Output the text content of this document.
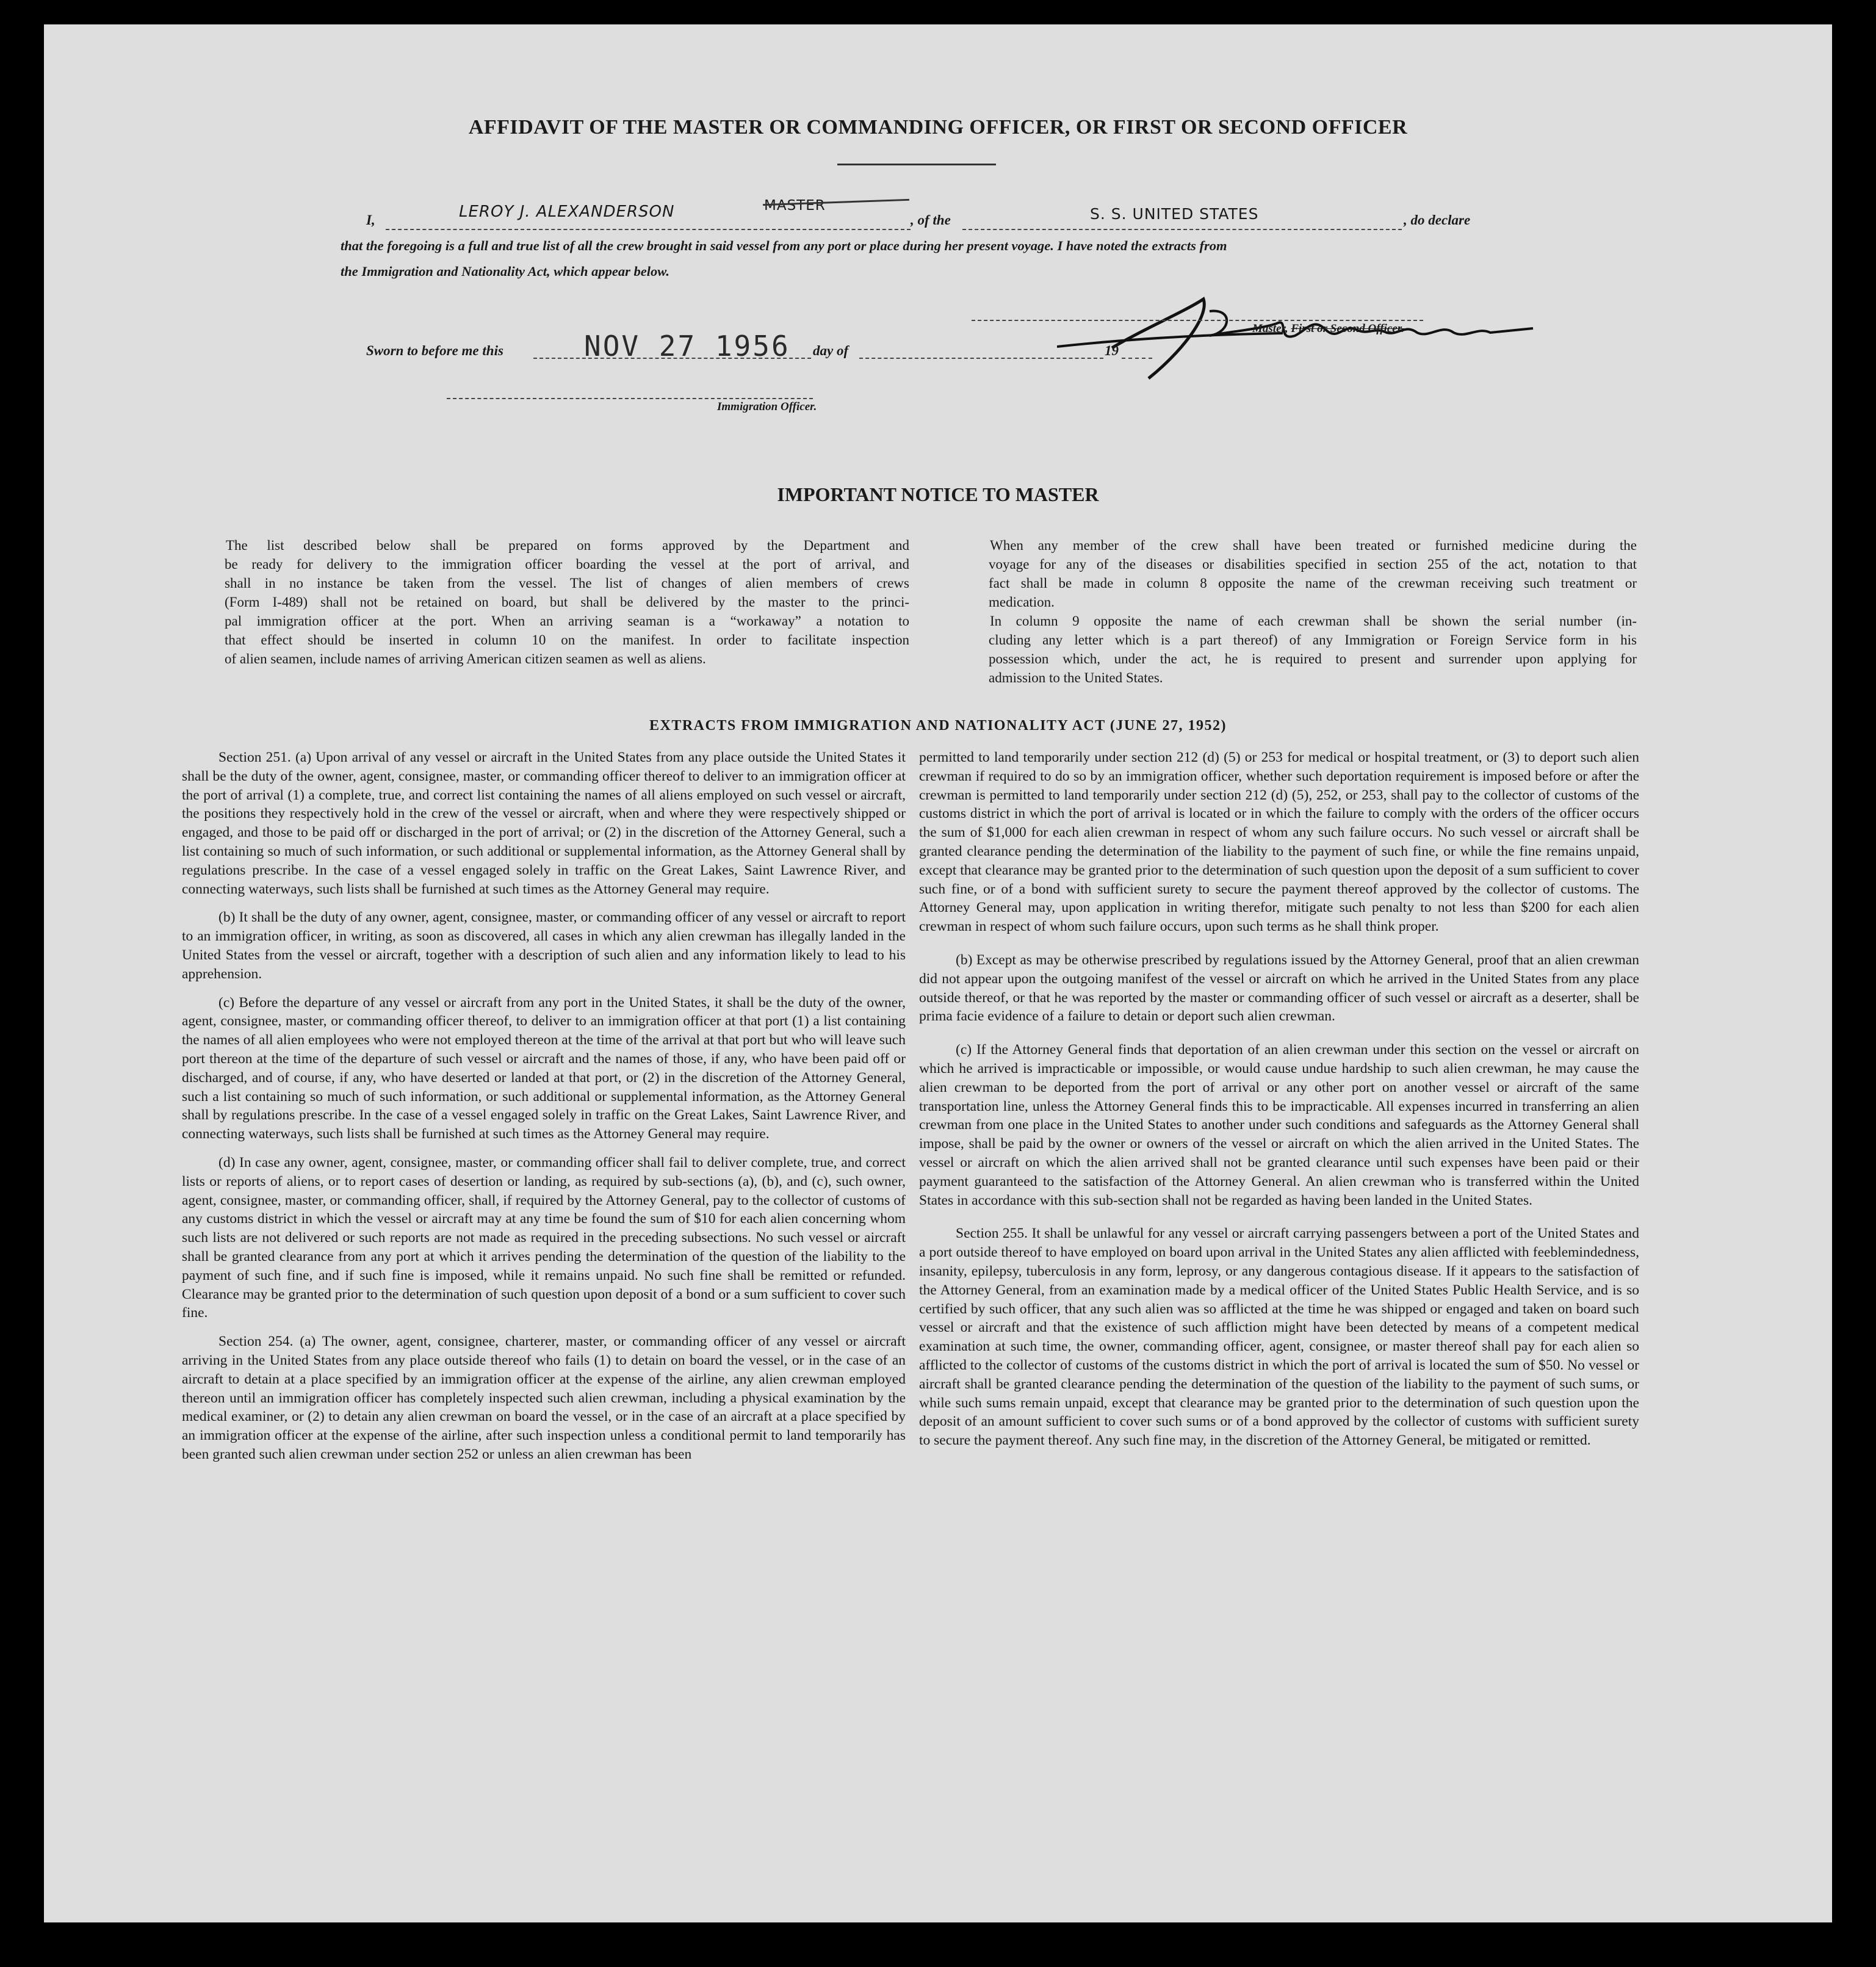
AFFIDAVIT OF THE MASTER OR COMMANDING OFFICER, OR FIRST OR SECOND OFFICER
I,	LEROY J. ALEXANDERSON	MASTER
, of the	S. S. UNITED STATES	, do declare
that the foregoing is a full and true list of all the crew brought in said vessel from any port or place during her present voyage. I have noted the extracts from
the Immigration and Nationality Act, which appear below.
Master, First or Second Officer.
Sworn to before me this	NOV 27 1956 day of	19
Immigration Officer.
IMPORTANT NOTICE TO MASTER

The list described below shall be prepared on forms approved by the Department and

be ready for delivery to the immigration officer boarding the vessel at the port of arrival, and

shall in no instance be taken from the vessel. The list of changes of alien members of crews

(Form I-489) shall not be retained on board, but shall be delivered by the master to the princi-

pal immigration officer at the port. When an arriving seaman is a “workaway” a notation to

that effect should be inserted in column 10 on the manifest. In order to facilitate inspection

of alien seamen, include names of arriving American citizen seamen as well as aliens.

When any member of the crew shall have been treated or furnished medicine during the

voyage for any of the diseases or disabilities specified in section 255 of the act, notation to that

fact shall be made in column 8 opposite the name of the crewman receiving such treatment or

medication.

In column 9 opposite the name of each crewman shall be shown the serial number (in-

cluding any letter which is a part thereof) of any Immigration or Foreign Service form in his

possession which, under the act, he is required to present and surrender upon applying for

admission to the United States.

EXTRACTS FROM IMMIGRATION AND NATIONALITY ACT (JUNE 27, 1952)

Section 251. (a) Upon arrival of any vessel or aircraft in the United States from any place outside the United States it shall be the duty of the owner, agent, consignee, master, or commanding officer thereof to deliver to an immigration officer at the port of arrival (1) a complete, true, and correct list containing the names of all aliens employed on such vessel or aircraft, the positions they respectively hold in the crew of the vessel or aircraft, when and where they were respectively shipped or engaged, and those to be paid off or discharged in the port of arrival; or (2) in the discretion of the Attorney General, such a list containing so much of such information, or such additional or supplemental information, as the Attorney General shall by regulations prescribe. In the case of a vessel engaged solely in traffic on the Great Lakes, Saint Lawrence River, and connecting waterways, such lists shall be furnished at such times as the Attorney General may require.

(b) It shall be the duty of any owner, agent, consignee, master, or commanding officer of any vessel or aircraft to report to an immigration officer, in writing, as soon as discovered, all cases in which any alien crewman has illegally landed in the United States from the vessel or aircraft, together with a description of such alien and any information likely to lead to his apprehension.

(c) Before the departure of any vessel or aircraft from any port in the United States, it shall be the duty of the owner, agent, consignee, master, or commanding officer thereof, to deliver to an immigration officer at that port (1) a list containing the names of all alien employees who were not employed thereon at the time of the arrival at that port but who will leave such port thereon at the time of the departure of such vessel or aircraft and the names of those, if any, who have been paid off or discharged, and of course, if any, who have deserted or landed at that port, or (2) in the discretion of the Attorney General, such a list containing so much of such information, or such additional or supplemental information, as the Attorney General shall by regulations prescribe. In the case of a vessel engaged solely in traffic on the Great Lakes, Saint Lawrence River, and connecting waterways, such lists shall be furnished at such times as the Attorney General may require.

(d) In case any owner, agent, consignee, master, or commanding officer shall fail to deliver complete, true, and correct lists or reports of aliens, or to report cases of desertion or landing, as required by sub-sections (a), (b), and (c), such owner, agent, consignee, master, or commanding officer, shall, if required by the Attorney General, pay to the collector of customs of any customs district in which the vessel or aircraft may at any time be found the sum of $10 for each alien concerning whom such lists are not delivered or such reports are not made as required in the preceding subsections. No such vessel or aircraft shall be granted clearance from any port at which it arrives pending the determination of the question of the liability to the payment of such fine, and if such fine is imposed, while it remains unpaid. No such fine shall be remitted or refunded. Clearance may be granted prior to the determination of such question upon deposit of a bond or a sum sufficient to cover such fine.

Section 254. (a) The owner, agent, consignee, charterer, master, or commanding officer of any vessel or aircraft arriving in the United States from any place outside thereof who fails (1) to detain on board the vessel, or in the case of an aircraft to detain at a place specified by an immigration officer at the expense of the airline, any alien crewman employed thereon until an immigration officer has completely inspected such alien crewman, including a physical examination by the medical examiner, or (2) to detain any alien crewman on board the vessel, or in the case of an aircraft at a place specified by an immigration officer at the expense of the airline, after such inspection unless a conditional permit to land temporarily has been granted such alien crewman under section 252 or unless an alien crewman has been

permitted to land temporarily under section 212 (d) (5) or 253 for medical or hospital treatment, or (3) to deport such alien crewman if required to do so by an immigration officer, whether such deportation requirement is imposed before or after the crewman is permitted to land temporarily under section 212 (d) (5), 252, or 253, shall pay to the collector of customs of the customs district in which the port of arrival is located or in which the failure to comply with the orders of the officer occurs the sum of $1,000 for each alien crewman in respect of whom any such failure occurs. No such vessel or aircraft shall be granted clearance pending the determination of the liability to the payment of such fine, or while the fine remains unpaid, except that clearance may be granted prior to the determination of such question upon the deposit of a sum sufficient to cover such fine, or of a bond with sufficient surety to secure the payment thereof approved by the collector of customs. The Attorney General may, upon application in writing therefor, mitigate such penalty to not less than $200 for each alien crewman in respect of whom such failure occurs, upon such terms as he shall think proper.

(b) Except as may be otherwise prescribed by regulations issued by the Attorney General, proof that an alien crewman did not appear upon the outgoing manifest of the vessel or aircraft on which he arrived in the United States from any place outside thereof, or that he was reported by the master or commanding officer of such vessel or aircraft as a deserter, shall be prima facie evidence of a failure to detain or deport such alien crewman.

(c) If the Attorney General finds that deportation of an alien crewman under this section on the vessel or aircraft on which he arrived is impracticable or impossible, or would cause undue hardship to such alien crewman, he may cause the alien crewman to be deported from the port of arrival or any other port on another vessel or aircraft of the same transportation line, unless the Attorney General finds this to be impracticable. All expenses incurred in transferring an alien crewman from one place in the United States to another under such conditions and safeguards as the Attorney General shall impose, shall be paid by the owner or owners of the vessel or aircraft on which the alien arrived in the United States. The vessel or aircraft on which the alien arrived shall not be granted clearance until such expenses have been paid or their payment guaranteed to the satisfaction of the Attorney General. An alien crewman who is transferred within the United States in accordance with this sub-section shall not be regarded as having been landed in the United States.

Section 255. It shall be unlawful for any vessel or aircraft carrying passengers between a port of the United States and a port outside thereof to have employed on board upon arrival in the United States any alien afflicted with feeblemindedness, insanity, epilepsy, tuberculosis in any form, leprosy, or any dangerous contagious disease. If it appears to the satisfaction of the Attorney General, from an examination made by a medical officer of the United States Public Health Service, and is so certified by such officer, that any such alien was so afflicted at the time he was shipped or engaged and taken on board such vessel or aircraft and that the existence of such affliction might have been detected by means of a competent medical examination at such time, the owner, commanding officer, agent, consignee, or master thereof shall pay for each alien so afflicted to the collector of customs of the customs district in which the port of arrival is located the sum of $50. No vessel or aircraft shall be granted clearance pending the determination of the question of the liability to the payment of such sums, or while such sums remain unpaid, except that clearance may be granted prior to the determination of such question upon the deposit of an amount sufficient to cover such sums or of a bond approved by the collector of customs with sufficient surety to secure the payment thereof. Any such fine may, in the discretion of the Attorney General, be mitigated or remitted.
